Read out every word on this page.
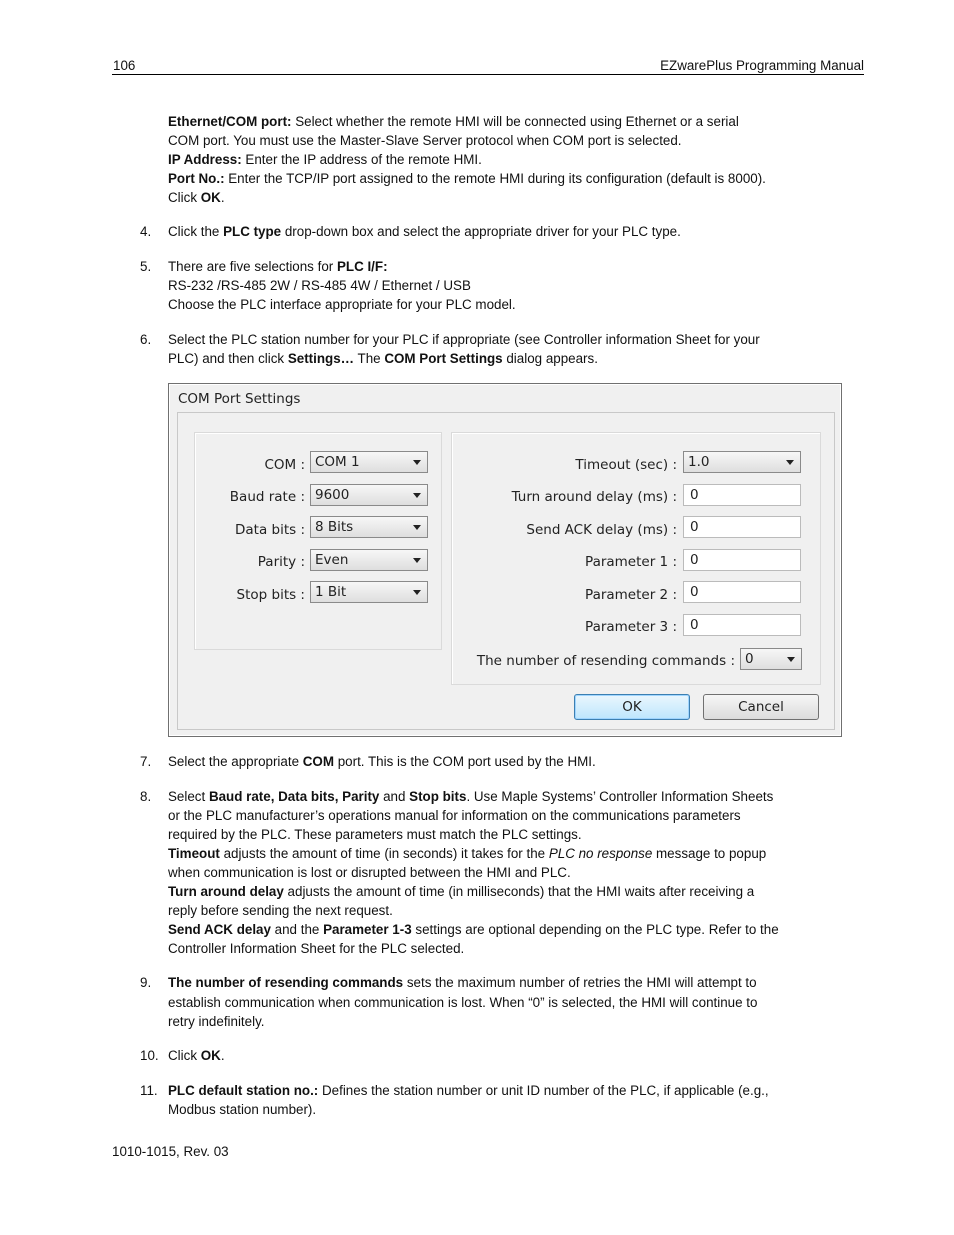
106	EZwarePlus Programming Manual
Ethernet/COM port: Select whether the remote HMI will be connected using Ethernet or a serial
COM port. You must use the Master-Slave Server protocol when COM port is selected.
IP Address: Enter the IP address of the remote HMI.
Port No.: Enter the TCP/IP port assigned to the remote HMI during its configuration (default is 8000).
Click OK.
4. Click the PLC type drop-down box and select the appropriate driver for your PLC type.
5. There are five selections for PLC I/F:
RS-232 /RS-485 2W / RS-485 4W / Ethernet / USB
Choose the PLC interface appropriate for your PLC model.
6. Select the PLC station number for your PLC if appropriate (see Controller information Sheet for your
PLC) and then click Settings… The COM Port Settings dialog appears.
COM Port Settings
COM : COM 1
Baud rate : 9600
Data bits : 8 Bits
Parity : Even
Stop bits : 1 Bit
Timeout (sec) : 1.0
Turn around delay (ms) : 0
Send ACK delay (ms) : 0
Parameter 1 : 0
Parameter 2 : 0
Parameter 3 : 0
The number of resending commands : 0
OK	Cancel
7. Select the appropriate COM port. This is the COM port used by the HMI.
8. Select Baud rate, Data bits, Parity and Stop bits. Use Maple Systems’ Controller Information Sheets
or the PLC manufacturer’s operations manual for information on the communications parameters
required by the PLC. These parameters must match the PLC settings.
Timeout adjusts the amount of time (in seconds) it takes for the PLC no response message to popup
when communication is lost or disrupted between the HMI and PLC.
Turn around delay adjusts the amount of time (in milliseconds) that the HMI waits after receiving a
reply before sending the next request.
Send ACK delay and the Parameter 1-3 settings are optional depending on the PLC type. Refer to the
Controller Information Sheet for the PLC selected.
9. The number of resending commands sets the maximum number of retries the HMI will attempt to
establish communication when communication is lost. When “0” is selected, the HMI will continue to
retry indefinitely.
10. Click OK.
11. PLC default station no.: Defines the station number or unit ID number of the PLC, if applicable (e.g.,
Modbus station number).
1010-1015, Rev. 03
